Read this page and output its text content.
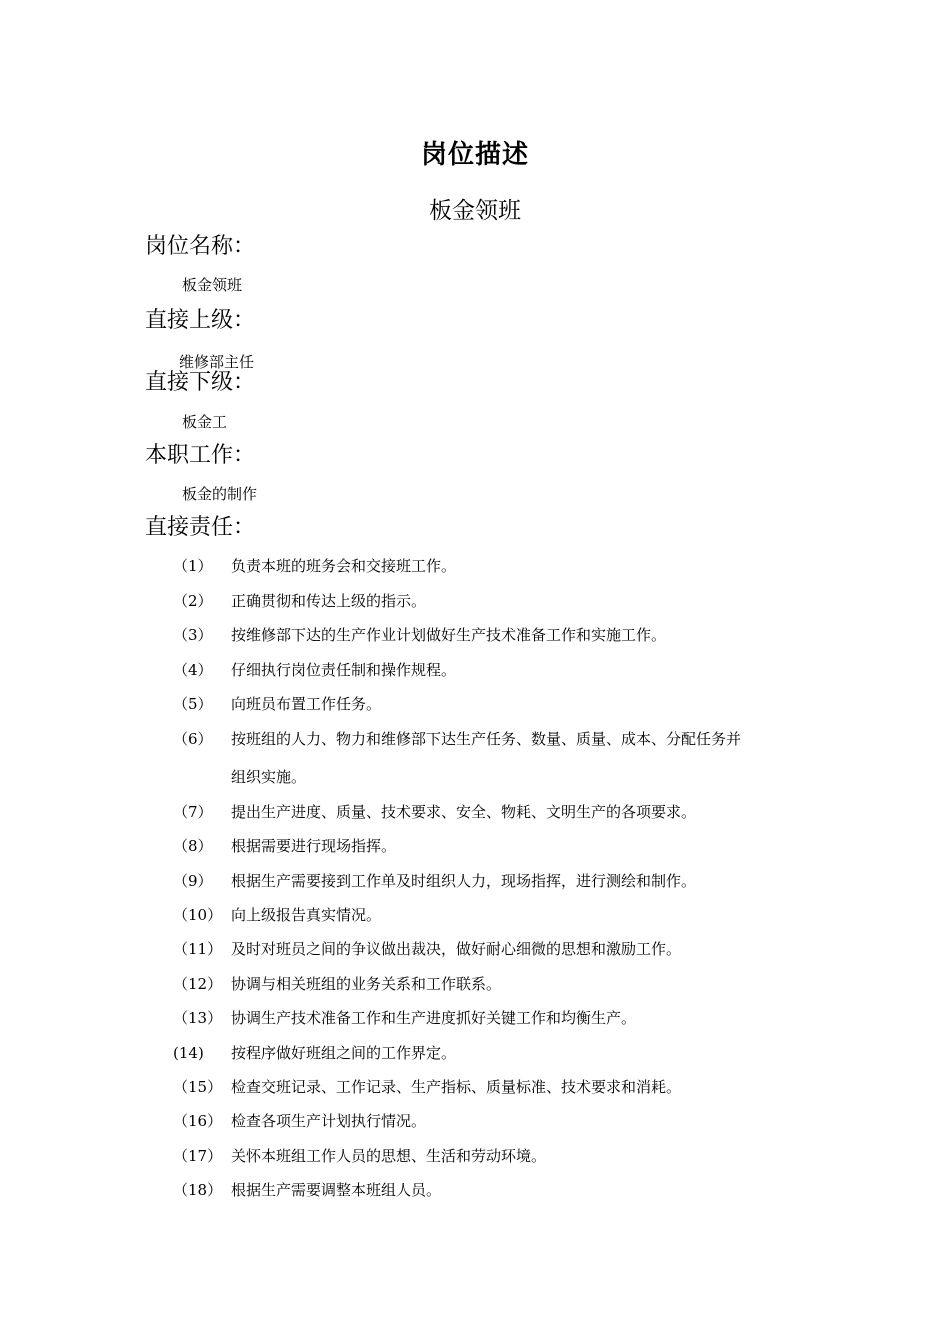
岗位描述
板金领班
岗位名称：
板金领班
直接上级：
维修部主任
直接下级：
板金工
本职工作：
板金的制作
直接责任：
（1） 负责本班的班务会和交接班工作。
（2） 正确贯彻和传达上级的指示。
（3） 按维修部下达的生产作业计划做好生产技术准备工作和实施工作。
（4） 仔细执行岗位责任制和操作规程。
（5） 向班员布置工作任务。
（6） 按班组的人力、物力和维修部下达生产任务、数量、质量、成本、分配任务并
组织实施。
（7） 提出生产进度、质量、技术要求、安全、物耗、文明生产的各项要求。
（8） 根据需要进行现场指挥。
（9） 根据生产需要接到工作单及时组织人力，现场指挥，进行测绘和制作。
（10） 向上级报告真实情况。
（11） 及时对班员之间的争议做出裁决，做好耐心细微的思想和激励工作。
（12） 协调与相关班组的业务关系和工作联系。
（13） 协调生产技术准备工作和生产进度抓好关键工作和均衡生产。
(14) 按程序做好班组之间的工作界定。
（15） 检查交班记录、工作记录、生产指标、质量标准、技术要求和消耗。
（16） 检查各项生产计划执行情况。
（17） 关怀本班组工作人员的思想、生活和劳动环境。
（18） 根据生产需要调整本班组人员。
